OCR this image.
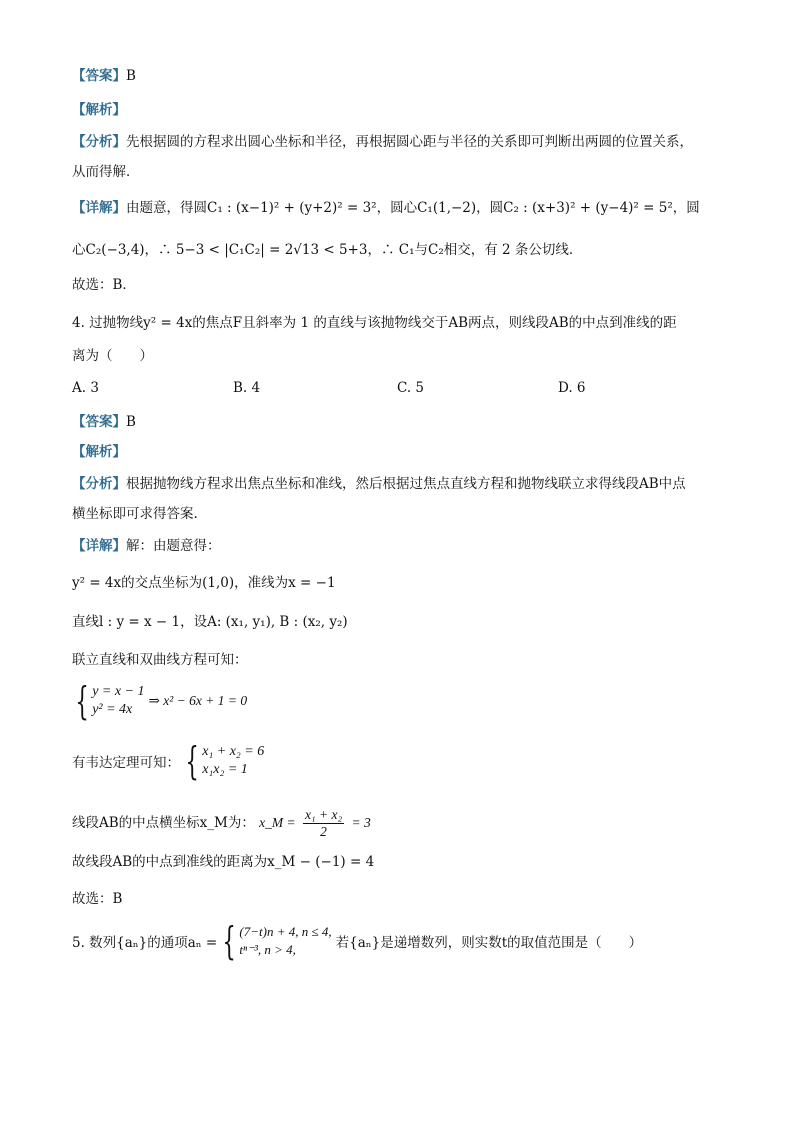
【答案】B
【解析】
【分析】先根据圆的方程求出圆心坐标和半径，再根据圆心距与半径的关系即可判断出两圆的位置关系，
从而得解．
【详解】由题意，得圆C₁ : (x−1)² + (y+2)² = 3²，圆心C₁(1,−2)，圆C₂ : (x+3)² + (y−4)² = 5²，圆
心C₂(−3,4)，∴ 5−3 < |C₁C₂| = 2√13 < 5+3，∴ C₁与C₂相交，有 2 条公切线．
故选：B．
4. 过抛物线y² = 4x的焦点F且斜率为 1 的直线与该抛物线交于AB两点，则线段AB的中点到准线的距
离为（　　）
A. 3	B. 4	C. 5	D. 6
【答案】B
【解析】
【分析】根据抛物线方程求出焦点坐标和准线，然后根据过焦点直线方程和抛物线联立求得线段AB中点
横坐标即可求得答案.
【详解】解：由题意得：
y² = 4x的交点坐标为(1,0)，准线为x = −1
直线l : y = x − 1，设A: (x₁, y₁), B : (x₂, y₂)
联立直线和双曲线方程可知：
{ y = x − 1
y² = 4x
⇒ x² − 6x + 1 = 0
有韦达定理可知： { x₁ + x₂ = 6
x₁x₂ = 1
线段AB的中点横坐标x_M为： x_M = $\frac{\text{x₁ + x₂}}{2} = 3$
故线段AB的中点到准线的距离为x_M − (−1) = 4
故选：B
5. 数列{aₙ}的通项aₙ = { (7−t)n + 4, n ≤ 4,
tⁿ⁻³, n > 4,	若{aₙ}是递增数列，则实数t的取值范围是（　　）
